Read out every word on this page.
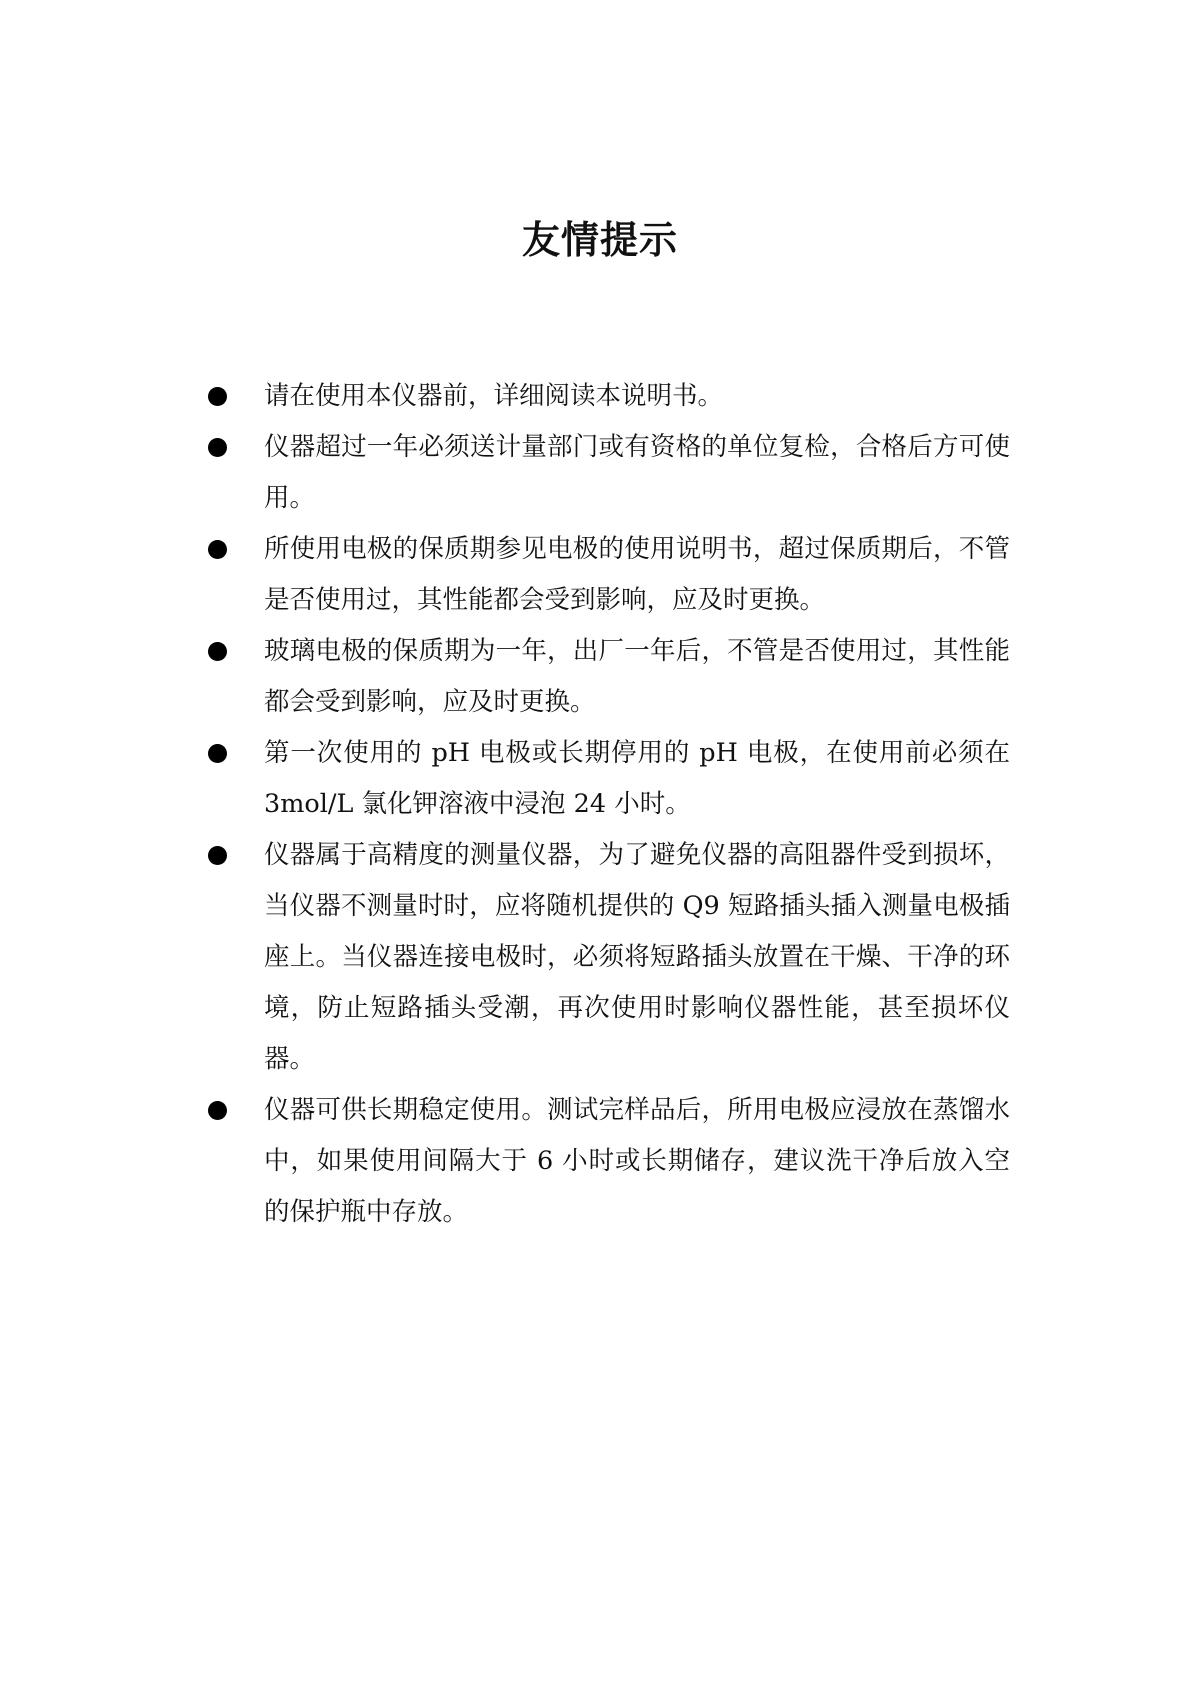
友情提示
请在使用本仪器前，详细阅读本说明书。
仪器超过一年必须送计量部门或有资格的单位复检，合格后方可使用。
所使用电极的保质期参见电极的使用说明书，超过保质期后，不管是否使用过，其性能都会受到影响，应及时更换。
玻璃电极的保质期为一年，出厂一年后，不管是否使用过，其性能都会受到影响，应及时更换。
第一次使用的 pH 电极或长期停用的 pH 电极，在使用前必须在 3mol/L 氯化钾溶液中浸泡 24 小时。
仪器属于高精度的测量仪器，为了避免仪器的高阻器件受到损坏，当仪器不测量时时，应将随机提供的 Q9 短路插头插入测量电极插座上。当仪器连接电极时，必须将短路插头放置在干燥、干净的环境，防止短路插头受潮，再次使用时影响仪器性能，甚至损坏仪器。
仪器可供长期稳定使用。测试完样品后，所用电极应浸放在蒸馏水中，如果使用间隔大于 6 小时或长期储存，建议洗干净后放入空的保护瓶中存放。
